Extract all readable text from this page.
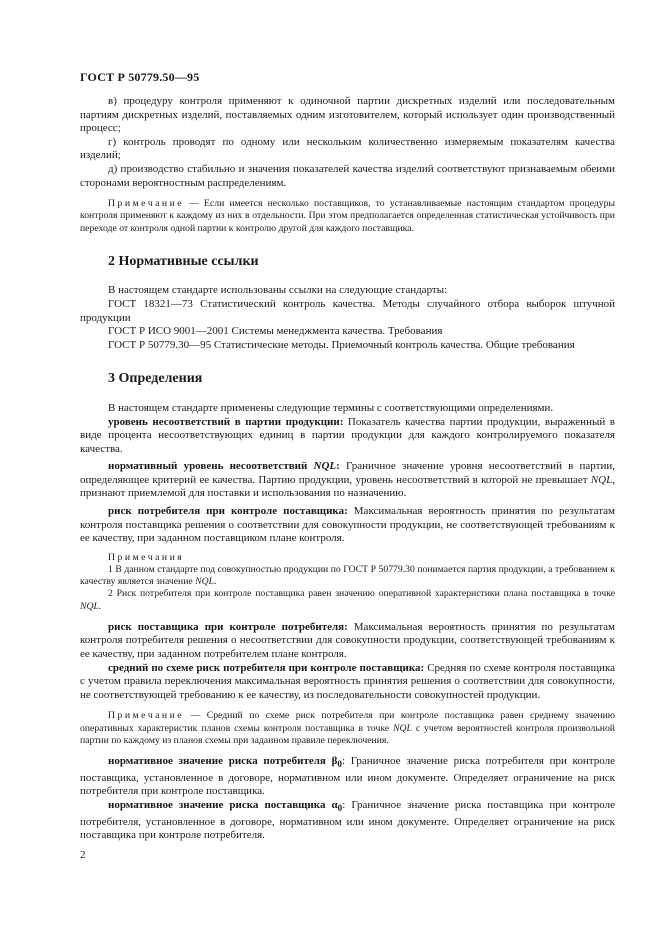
ГОСТ Р 50779.50—95

в) процедуру контроля применяют к одиночной партии дискретных изделий или последовательным партиям дискретных изделий, поставляемых одним изготовителем, который использует один производственный процесс;

г) контроль проводят по одному или нескольким количественно измеряемым показателям качества изделий;

д) производство стабильно и значения показателей качества изделий соответствуют признаваемым обеими сторонами вероятностным распределениям.

Примечание — Если имеется несколько поставщиков, то устанавливаемые настоящим стандартом процедуры контроля применяют к каждому из них в отдельности. При этом предполагается определенная статистическая устойчивость при переходе от контроля одной партии к контролю другой для каждого поставщика.

2 Нормативные ссылки

В настоящем стандарте использованы ссылки на следующие стандарты:

ГОСТ 18321—73 Статистический контроль качества. Методы случайного отбора выборок штучной продукции

ГОСТ Р ИСО 9001—2001 Системы менеджмента качества. Требования

ГОСТ Р 50779.30—95 Статистические методы. Приемочный контроль качества. Общие требования

3 Определения

В настоящем стандарте применены следующие термины с соответствующими определениями.

уровень несоответствий в партии продукции: Показатель качества партии продукции, выраженный в виде процента несоответствующих единиц в партии продукции для каждого контролируемого показателя качества.

нормативный уровень несоответствий NQL: Граничное значение уровня несоответствий в партии, определяющее критерий ее качества. Партию продукции, уровень несоответствий в которой не превышает NQL, признают приемлемой для поставки и использования по назначению.

риск потребителя при контроле поставщика: Максимальная вероятность принятия по результатам контроля поставщика решения о соответствии для совокупности продукции, не соответствующей требованиям к ее качеству, при заданном поставщиком плане контроля.

Примечания

1 В данном стандарте под совокупностью продукции по ГОСТ Р 50779.30 понимается партия продукции, а требованием к качеству является значение NQL.

2 Риск потребителя при контроле поставщика равен значению оперативной характеристики плана поставщика в точке NQL.

риск поставщика при контроле потребителя: Максимальная вероятность принятия по результатам контроля потребителя решения о несоответствии для совокупности продукции, соответствующей требованиям к ее качеству, при заданном потребителем плане контроля.

средний по схеме риск потребителя при контроле поставщика: Средняя по схеме контроля поставщика с учетом правила переключения максимальная вероятность принятия решения о соответствии для совокупности, не соответствующей требованию к ее качеству, из последовательности совокупностей продукции.

Примечание — Средний по схеме риск потребителя при контроле поставщика равен среднему значению оперативных характеристик планов схемы контроля поставщика в точке NQL с учетом вероятностей контроля произвольной партии по каждому из планов схемы при заданном правиле переключения.

нормативное значение риска потребителя $\beta_0$: Граничное значение риска потребителя при контроле поставщика, установленное в договоре, нормативном или ином документе. Определяет ограничение на риск потребителя при контроле поставщика.

нормативное значение риска поставщика $\alpha_0$: Граничное значение риска поставщика при контроле потребителя, установленное в договоре, нормативном или ином документе. Определяет ограничение на риск поставщика при контроле потребителя.

2
